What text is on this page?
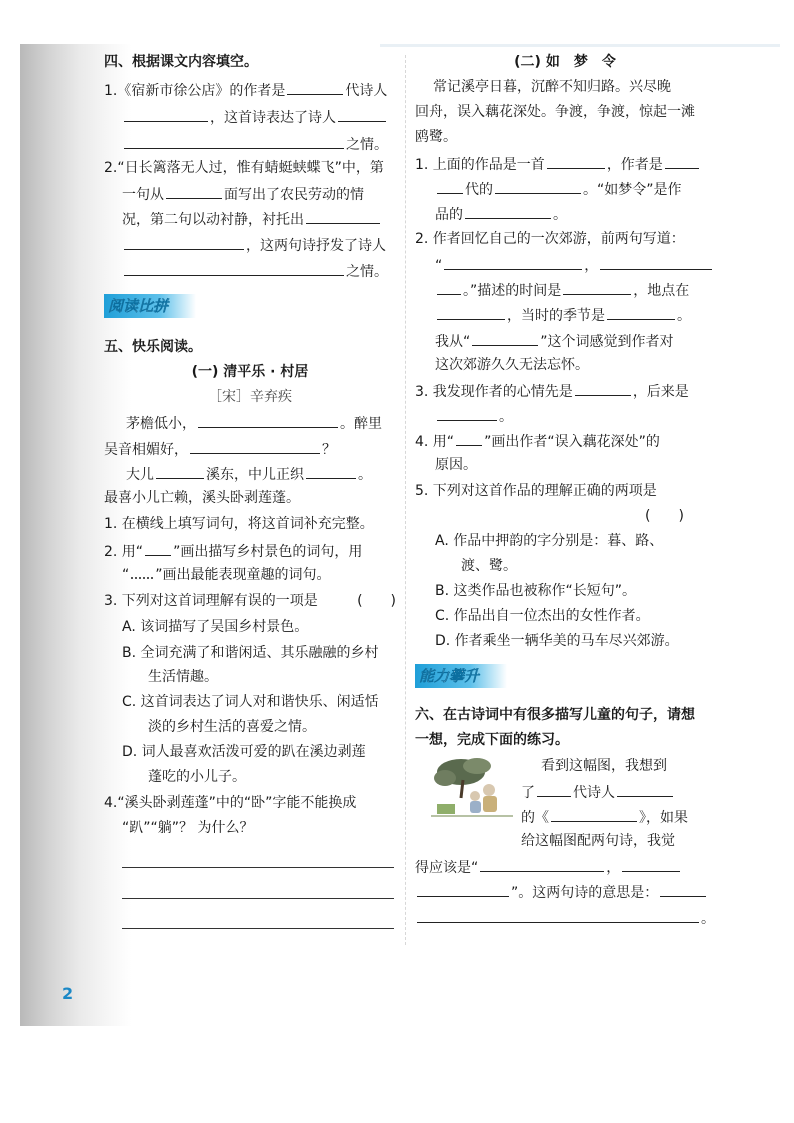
四、根据课文内容填空。
1.《宿新市徐公店》的作者是	代诗人
，这首诗表达了诗人
之情。
2.“日长篱落无人过，惟有蜻蜓蛱蝶飞”中，第
一句从	面写出了农民劳动的情
况，第二句以动衬静，衬托出
，这两句诗抒发了诗人
之情。
阅读比拼
五、快乐阅读。
(一) 清平乐 · 村居
［宋］辛弃疾
茅檐低小，	。醉里
吴音相媚好，	？
大儿	溪东，中儿正织	。
最喜小儿亡赖，溪头卧剥莲蓬。
1. 在横线上填写词句，将这首词补充完整。
2. 用“ ”画出描写乡村景色的词句，用
“ ”画出最能表现童趣的词句。
3. 下列对这首词理解有误的一项是	(　　)
A. 该词描写了吴国乡村景色。
B. 全词充满了和谐闲适、其乐融融的乡村
生活情趣。
C. 这首词表达了词人对和谐快乐、闲适恬
淡的乡村生活的喜爱之情。
D. 词人最喜欢活泼可爱的趴在溪边剥莲
蓬吃的小儿子。
4.“溪头卧剥莲蓬”中的“卧”字能不能换成
“趴”“躺”？ 为什么？
(二) 如　梦　令
常记溪亭日暮，沉醉不知归路。兴尽晚
回舟，误入藕花深处。争渡，争渡，惊起一滩
鸥鹭。
1. 上面的作品是一首	，作者是
代的	。“如梦令”是作
品的	。
2. 作者回忆自己的一次郊游，前两句写道：
“	，
。”描述的时间是	，地点在
，当时的季节是	。
我从“	”这个词感觉到作者对
这次郊游久久无法忘怀。
3. 我发现作者的心情先是	，后来是
。
4. 用“ ”画出作者“误入藕花深处”的
原因。
5. 下列对这首作品的理解正确的两项是
(　　)
A. 作品中押韵的字分别是：暮、路、
渡、鹭。
B. 这类作品也被称作“长短句”。
C. 作品出自一位杰出的女性作者。
D. 作者乘坐一辆华美的马车尽兴郊游。
能力攀升
六、在古诗词中有很多描写儿童的句子，请想
一想，完成下面的练习。
看到这幅图，我想到
了	代诗人
的《	》，如果
给这幅图配两句诗，我觉
得应该是“	，
”。这两句诗的意思是：
。
2
